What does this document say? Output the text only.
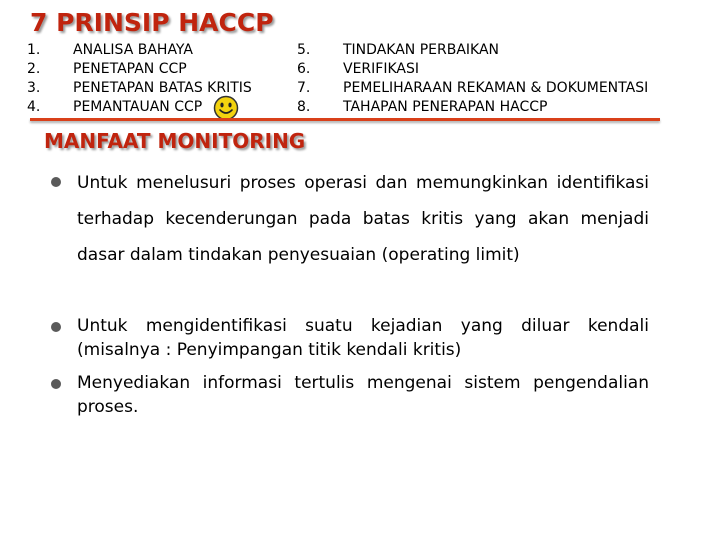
7 PRINSIP HACCP
1.	ANALISA BAHAYA
2.	PENETAPAN CCP
3.	PENETAPAN BATAS KRITIS
4.	PEMANTAUAN CCP
5.	TINDAKAN PERBAIKAN
6.	VERIFIKASI
7.	PEMELIHARAAN REKAMAN & DOKUMENTASI
8.	TAHAPAN PENERAPAN HACCP
MANFAAT MONITORING
Untuk menelusuri proses operasi dan memungkinkan identifikasi terhadap kecenderungan pada batas kritis yang akan menjadi dasar dalam tindakan penyesuaian (operating limit)
Untuk mengidentifikasi suatu kejadian yang diluar kendali (misalnya : Penyimpangan titik kendali kritis)
Menyediakan informasi tertulis mengenai sistem pengendalian proses.
